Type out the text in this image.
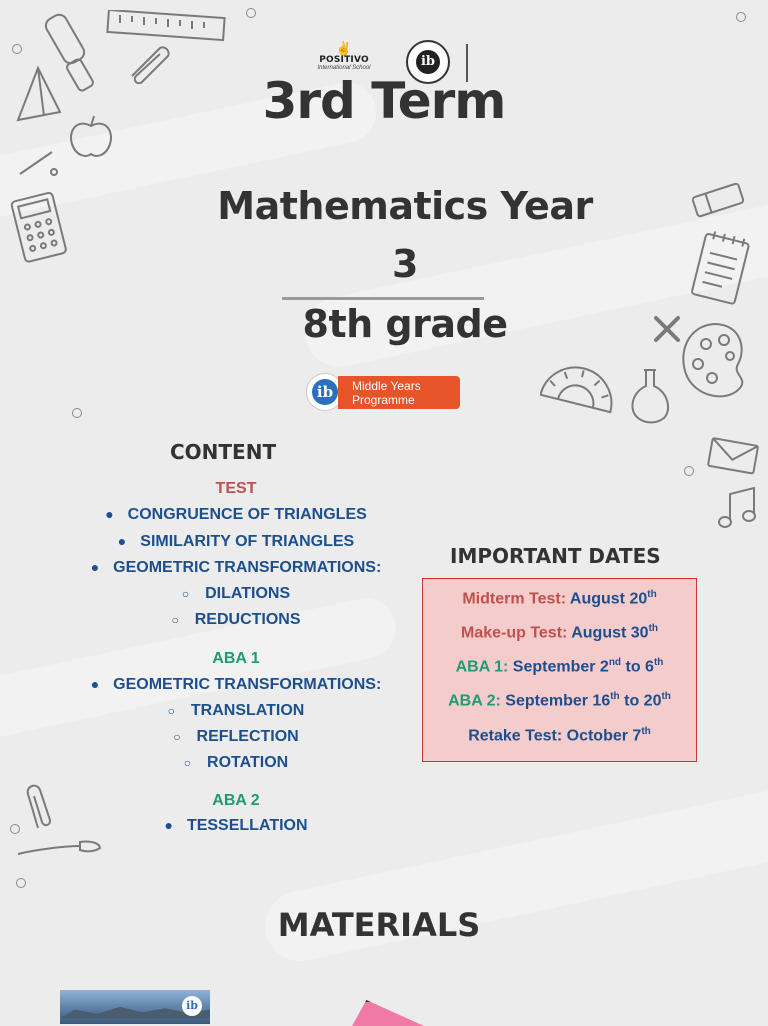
✌
POSITIVO
International School	ib
3rd Term
Mathematics Year
3
8th grade
ib	Middle Years
Programme
CONTENT
TEST
● CONGRUENCE OF TRIANGLES
● SIMILARITY OF TRIANGLES
● GEOMETRIC TRANSFORMATIONS:
○ DILATIONS
○ REDUCTIONS
ABA 1
● GEOMETRIC TRANSFORMATIONS:
○ TRANSLATION
○ REFLECTION
○ ROTATION
ABA 2
● TESSELLATION
IMPORTANT DATES
Midterm Test: August 20th
Make-up Test: August 30th
ABA 1: September 2nd to 6th
ABA 2: September 16th to 20th
Retake Test: October 7th
MATERIALS
ib
